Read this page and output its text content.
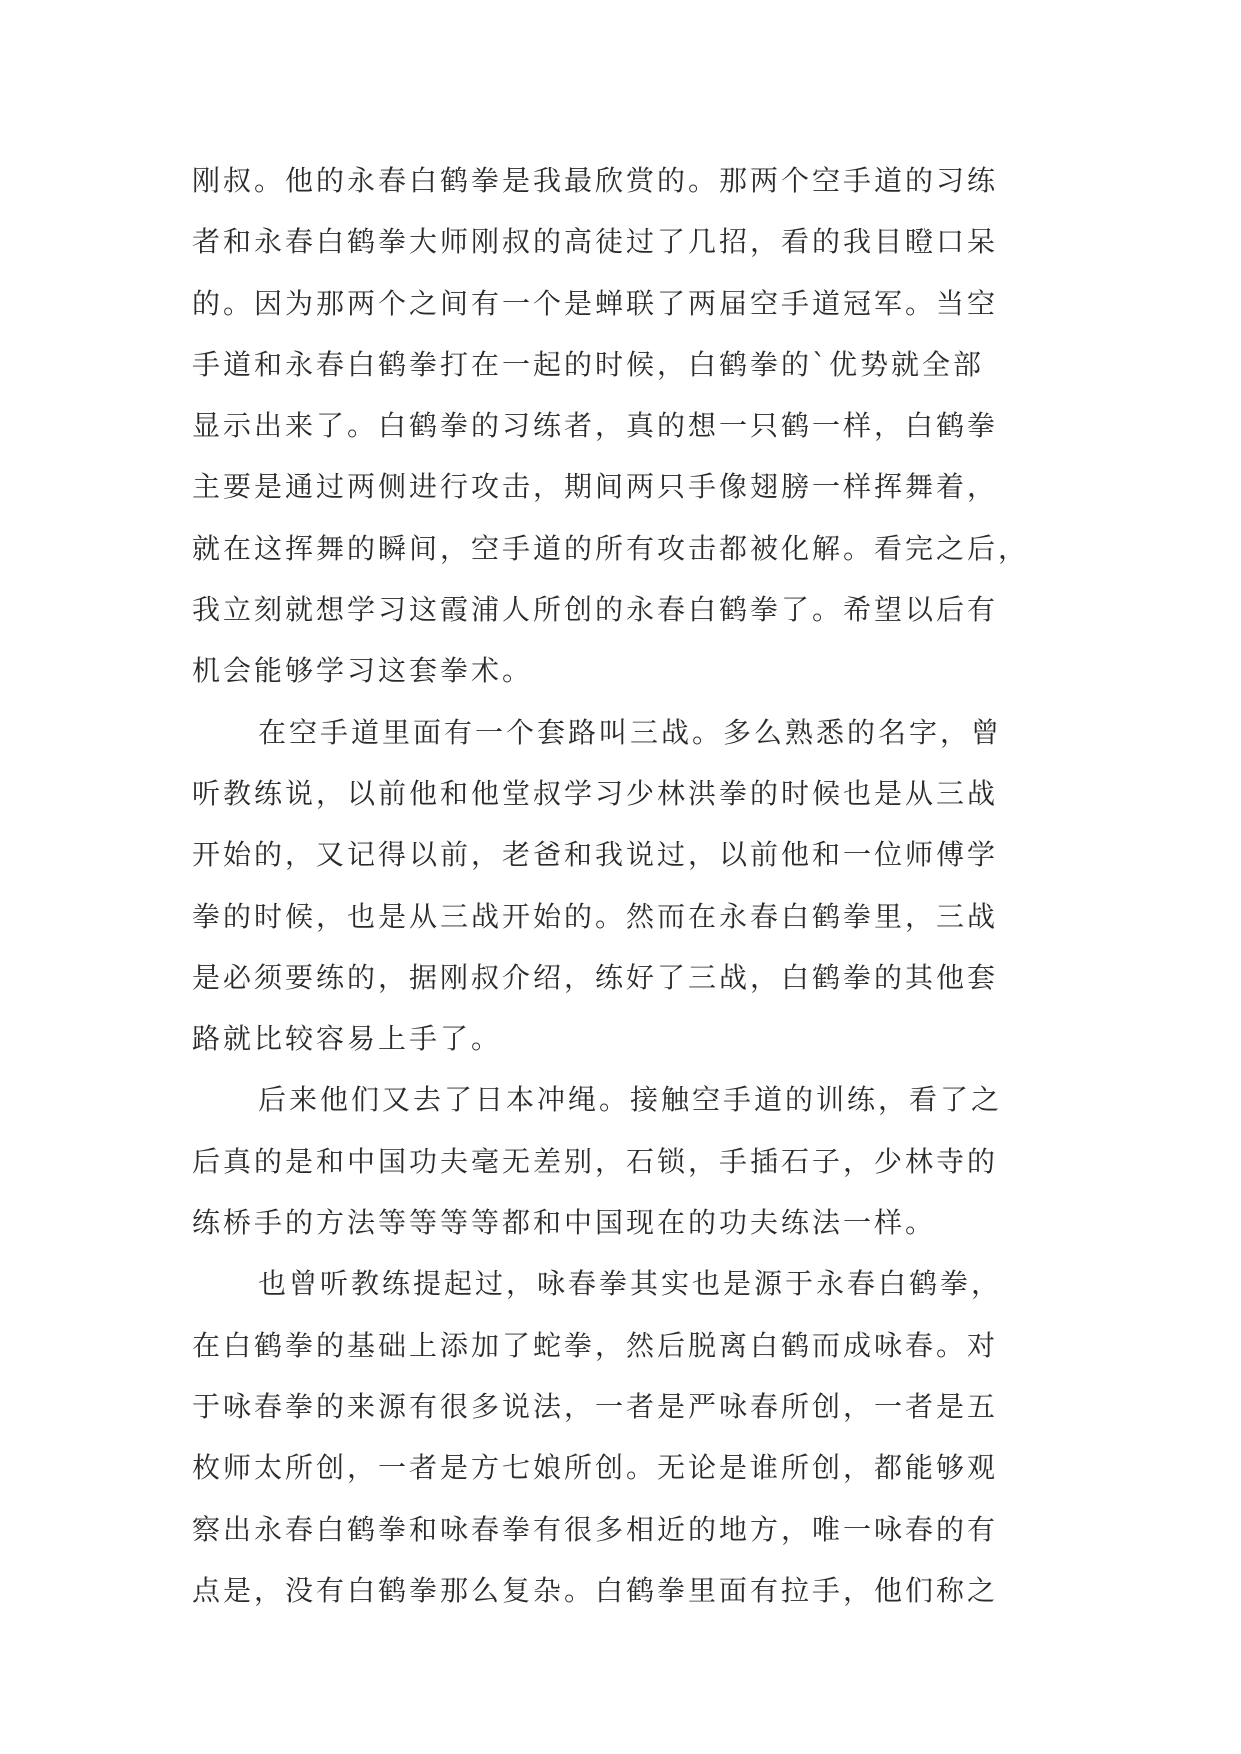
刚叔。他的永春白鹤拳是我最欣赏的。那两个空手道的习练
者和永春白鹤拳大师刚叔的高徒过了几招，看的我目瞪口呆
的。因为那两个之间有一个是蝉联了两届空手道冠军。当空
手道和永春白鹤拳打在一起的时候，白鹤拳的`优势就全部
显示出来了。白鹤拳的习练者，真的想一只鹤一样，白鹤拳
主要是通过两侧进行攻击，期间两只手像翅膀一样挥舞着，
就在这挥舞的瞬间，空手道的所有攻击都被化解。看完之后，
我立刻就想学习这霞浦人所创的永春白鹤拳了。希望以后有
机会能够学习这套拳术。
在空手道里面有一个套路叫三战。多么熟悉的名字，曾
听教练说，以前他和他堂叔学习少林洪拳的时候也是从三战
开始的，又记得以前，老爸和我说过，以前他和一位师傅学
拳的时候，也是从三战开始的。然而在永春白鹤拳里，三战
是必须要练的，据刚叔介绍，练好了三战，白鹤拳的其他套
路就比较容易上手了。
后来他们又去了日本冲绳。接触空手道的训练，看了之
后真的是和中国功夫毫无差别，石锁，手插石子，少林寺的
练桥手的方法等等等等都和中国现在的功夫练法一样。
也曾听教练提起过，咏春拳其实也是源于永春白鹤拳，
在白鹤拳的基础上添加了蛇拳，然后脱离白鹤而成咏春。对
于咏春拳的来源有很多说法，一者是严咏春所创，一者是五
枚师太所创，一者是方七娘所创。无论是谁所创，都能够观
察出永春白鹤拳和咏春拳有很多相近的地方，唯一咏春的有
点是，没有白鹤拳那么复杂。白鹤拳里面有拉手，他们称之
